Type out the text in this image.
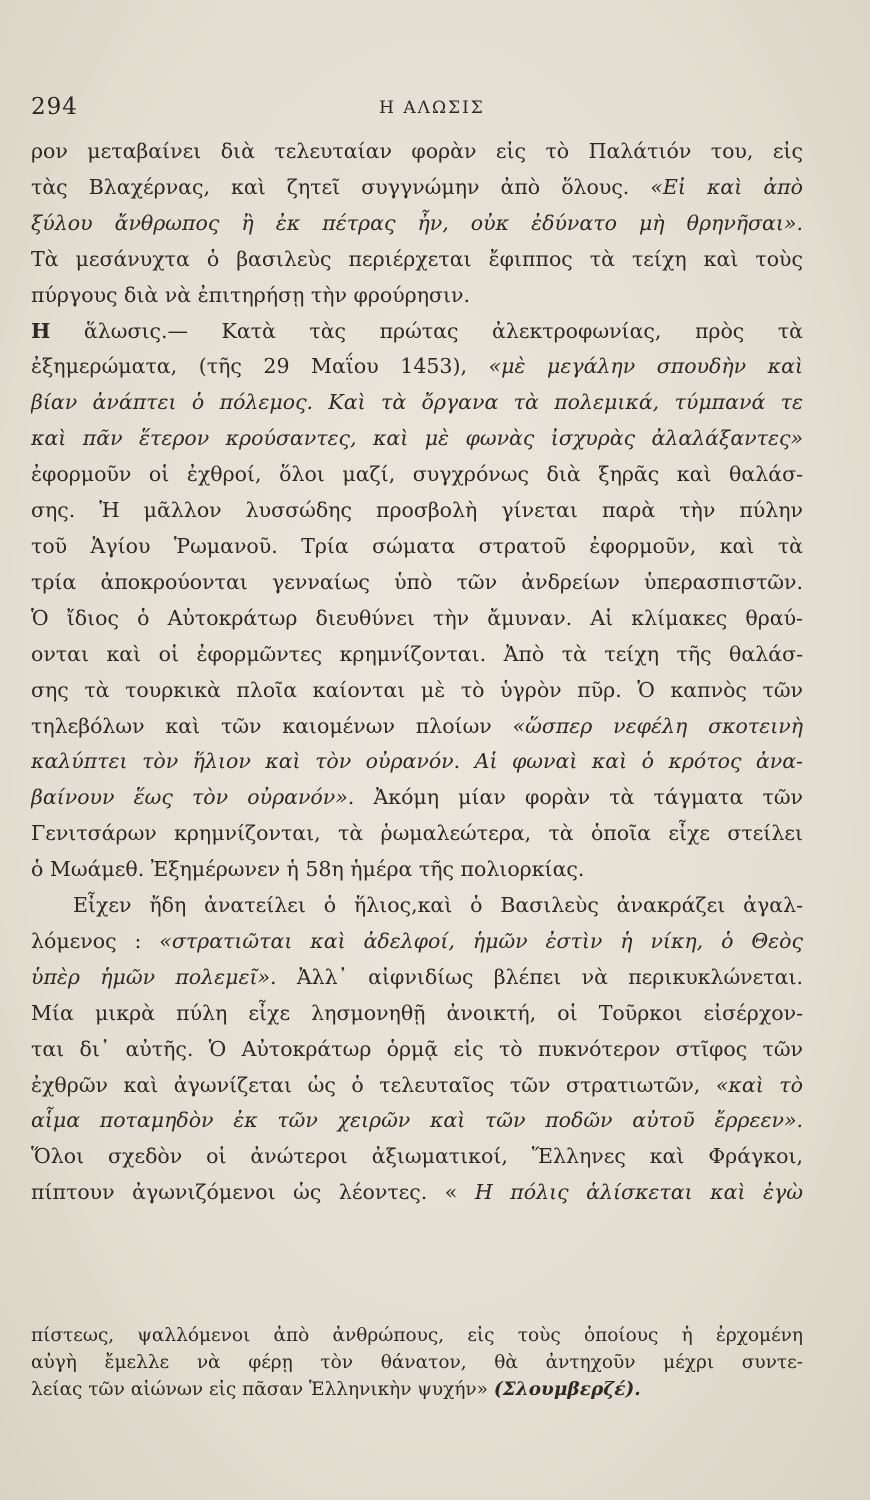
294	Η ΑΛΩΣΙΣ
ρον μεταβαίνει διὰ τελευταίαν φορὰν εἰς τὸ Παλάτιόν του, εἰς
τὰς Βλαχέρνας, καὶ ζητεῖ συγγνώμην ἀπὸ ὅλους. «Εἰ καὶ ἀπὸ
ξύλου ἄνθρωπος ἢ ἐκ πέτρας ἦν, οὐκ ἐδύνατο μὴ θρηνῆσαι».
Τὰ μεσάνυχτα ὁ βασιλεὺς περιέρχεται ἔφιππος τὰ τείχη καὶ τοὺς
πύργους διὰ νὰ ἐπιτηρήσῃ τὴν φρούρησιν.
Η ἅλωσις.— Κατὰ τὰς πρώτας ἀλεκτροφωνίας, πρὸς τὰ
ἐξημερώματα, (τῆς 29 Μαΐου 1453), «μὲ μεγάλην σπουδὴν καὶ
βίαν ἀνάπτει ὁ πόλεμος. Καὶ τὰ ὄργανα τὰ πολεμικά, τύμπανά τε
καὶ πᾶν ἕτερον κρούσαντες, καὶ μὲ φωνὰς ἰσχυρὰς ἀλαλάξαντες»
ἐφορμοῦν οἱ ἐχθροί, ὅλοι μαζί, συγχρόνως διὰ ξηρᾶς καὶ θαλάσ-
σης. Ἡ μᾶλλον λυσσώδης προσβολὴ γίνεται παρὰ τὴν πύλην
τοῦ Ἁγίου Ῥωμανοῦ. Τρία σώματα στρατοῦ ἐφορμοῦν, καὶ τὰ
τρία ἀποκρούονται γενναίως ὑπὸ τῶν ἀνδρείων ὑπερασπιστῶν.
Ὁ ἴδιος ὁ Αὐτοκράτωρ διευθύνει τὴν ἄμυναν. Αἱ κλίμακες θραύ-
ονται καὶ οἱ ἐφορμῶντες κρημνίζονται. Ἀπὸ τὰ τείχη τῆς θαλάσ-
σης τὰ τουρκικὰ πλοῖα καίονται μὲ τὸ ὑγρὸν πῦρ. Ὁ καπνὸς τῶν
τηλεβόλων καὶ τῶν καιομένων πλοίων «ὥσπερ νεφέλη σκοτεινὴ
καλύπτει τὸν ἥλιον καὶ τὸν οὐρανόν. Αἱ φωναὶ καὶ ὁ κρότος ἀνα-
βαίνουν ἕως τὸν οὐρανόν». Ἀκόμη μίαν φορὰν τὰ τάγματα τῶν
Γενιτσάρων κρημνίζονται, τὰ ῥωμαλεώτερα, τὰ ὁποῖα εἶχε στείλει
ὁ Μωάμεθ. Ἐξημέρωνεν ἡ 58η ἡμέρα τῆς πολιορκίας.
Εἶχεν ἤδη ἀνατείλει ὁ ἥλιος,καὶ ὁ Βασιλεὺς ἀνακράζει ἀγαλ-
λόμενος : «στρατιῶται καὶ ἀδελφοί, ἡμῶν ἐστὶν ἡ νίκη, ὁ Θεὸς
ὑπὲρ ἡμῶν πολεμεῖ». Ἀλλ᾿ αἰφνιδίως βλέπει νὰ περικυκλώνεται.
Μία μικρὰ πύλη εἶχε λησμονηθῇ ἀνοικτή, οἱ Τοῦρκοι εἰσέρχον-
ται δι᾿ αὐτῆς. Ὁ Αὐτοκράτωρ ὁρμᾷ εἰς τὸ πυκνότερον στῖφος τῶν
ἐχθρῶν καὶ ἀγωνίζεται ὡς ὁ τελευταῖος τῶν στρατιωτῶν, «καὶ τὸ
αἷμα ποταμηδὸν ἐκ τῶν χειρῶν καὶ τῶν ποδῶν αὐτοῦ ἔρρεεν».
Ὅλοι σχεδὸν οἱ ἀνώτεροι ἀξιωματικοί, Ἕλληνες καὶ Φράγκοι,
πίπτουν ἀγωνιζόμενοι ὡς λέοντες. « Η πόλις ἁλίσκεται καὶ ἐγὼ
πίστεως, ψαλλόμενοι ἀπὸ ἀνθρώπους, εἰς τοὺς ὁποίους ἡ ἐρχομένη
αὐγὴ ἔμελλε νὰ φέρῃ τὸν θάνατον, θὰ ἀντηχοῦν μέχρι συντε-
λείας τῶν αἰώνων εἰς πᾶσαν Ἑλληνικὴν ψυχήν» (Σλουμβερζέ).
